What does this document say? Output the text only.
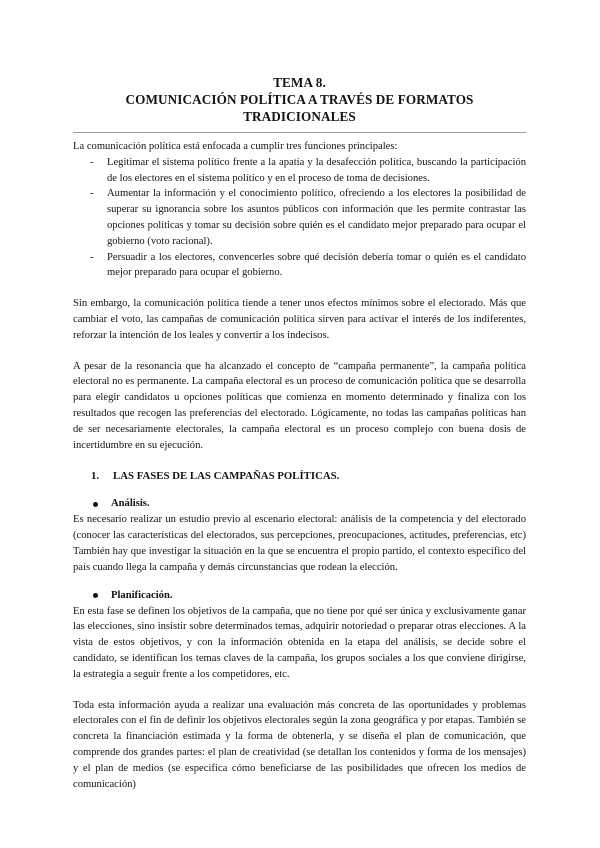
TEMA 8.
COMUNICACIÓN POLÍTICA A TRAVÉS DE FORMATOS
TRADICIONALES

La comunicación política está enfocada a cumplir tres funciones principales:

- Legitimar el sistema político frente a la apatía y la desafección política, buscando la participación de los electores en el sistema político y en el proceso de toma de decisiones.
- Aumentar la información y el conocimiento político, ofreciendo a los electores la posibilidad de superar su ignorancia sobre los asuntos públicos con información que les permite contrastar las opciones políticas y tomar su decisión sobre quién es el candidato mejor preparado para ocupar el gobierno (voto racional).
- Persuadir a los electores, convencerles sobre qué decisión debería tomar o quién es el candidato mejor preparado para ocupar el gobierno.

Sin embargo, la comunicación política tiende a tener unos efectos mínimos sobre el electorado. Más que cambiar el voto, las campañas de comunicación política sirven para activar el interés de los indiferentes, reforzar la intención de los leales y convertir a los indecisos.

A pesar de la resonancia que ha alcanzado el concepto de “campaña permanente”, la campaña política electoral no es permanente. La campaña electoral es un proceso de comunicación política que se desarrolla para elegir candidatos u opciones políticas que comienza en momento determinado y finaliza con los resultados que recogen las preferencias del electorado. Lógicamente, no todas las campañas políticas han de ser necesariamente electorales, la campaña electoral es un proceso complejo con buena dosis de incertidumbre en su ejecución.

1.	LAS FASES DE LAS CAMPAÑAS POLÍTICAS.
Análisis.

Es necesario realizar un estudio previo al escenario electoral: análisis de la competencia y del electorado (conocer las características del electorados, sus percepciones, preocupaciones, actitudes, preferencias, etc) También hay que investigar la situación en la que se encuentra el propio partido, el contexto específico del país cuando llega la campaña y demás circunstancias que rodean la elección.

Planificación.

En esta fase se definen los objetivos de la campaña, que no tiene por qué ser única y exclusivamente ganar las elecciones, sino insistir sobre determinados temas, adquirir notoriedad o preparar otras elecciones. A la vista de estos objetivos, y con la información obtenida en la etapa del análisis, se decide sobre el candidato, se identifican los temas claves de la campaña, los grupos sociales a los que conviene dirigirse, la estrategia a seguir frente a los competidores, etc.

Toda esta información ayuda a realizar una evaluación más concreta de las oportunidades y problemas electorales con el fin de definir los objetivos electorales según la zona geográfica y por etapas. También se concreta la financiación estimada y la forma de obtenerla, y se diseña el plan de comunicación, que comprende dos grandes partes: el plan de creatividad (se detallan los contenidos y forma de los mensajes) y el plan de medios (se especifica cómo beneficiarse de las posibilidades que ofrecen los medios de comunicación)
